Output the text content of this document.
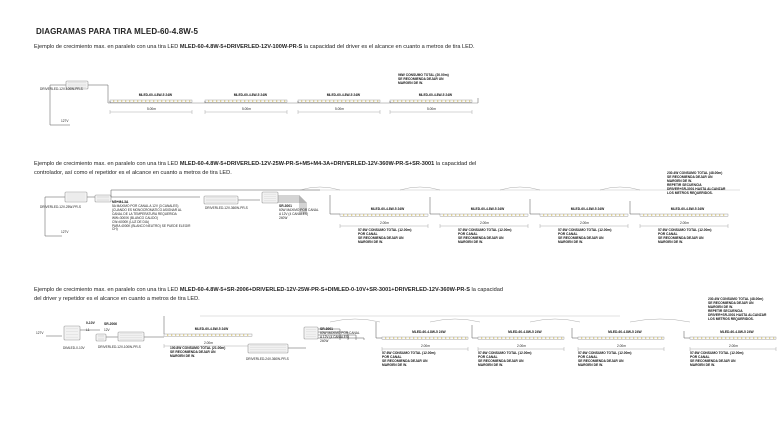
DIAGRAMAS PARA TIRA MLED-60-4.8W-5
Ejemplo de crecimiento max. en paralelo con una tira LED MLED-60-4.8W-5+DRIVERLED-12V-100W-PR-S la capacidad del driver es el alcance en cuanto a metros de tira LED.
Ejemplo de crecimiento max. en paralelo con una tira LED MLED-60-4.8W-5+DRIVERLED-12V-25W-PR-S+M5+M4-3A+DRIVERLED-12V-360W-PR-S+SR-3001 la capacidad del controlador, así como el repetidor es el alcance en cuanto a metros de tira LED.
Ejemplo de crecimiento max. en paralelo con una tira LED MLED-60-4.8W-5+SR-2006+DRIVERLED-12V-25W-PR-S+DIMLED-0-10V+SR-3001+DRIVERLED-12V-360W-PR-S la capacidad del driver y repetidor es el alcance en cuanto a metros de tira LED.
DRIVERLED-12V-100W-PR-S
127V
96W CONSUMO TOTAL (20.00m)
SE RECOMIENDA DEJAR UN
MARGEN DE W.
DRIVERLED-12V-25W-PR-S
127V
M5+M4-3A
5A MAXIMO POR CANAL A 12V (3 CANALES)
(CUANDO ES MONOCROMATICO ASIGNAR AL
CANAL DE LA TEMPERATURA REQUERIDA
WW=3000K (BLANCO CALIDO)
CW=6000K (LUZ DE DIA)
PARA 4000K (BLANCO NEUTRO) SE PUEDE ELEGIR
CH)
DRIVERLED-12V-360W-PR-S	SR-3001
60W MAXIMO POR CANAL
A 12V (4 CANALES)
240W
230.4W CONSUMO TOTAL (48.00m)
SE RECOMIENDA DEJAR UN
MARGEN DE W.
REPETIR SECUENCIA
DRIVER+SR-3001 HASTA ALCANZAR
LOS METROS REQUERIDOS.
127V
DIMLED-0-10V
0-10V
L1
SR-2006
12V
DRIVERLED-12V-100W-PR-S	100.8W CONSUMO TOTAL (21.00m)
SE RECOMIENDA DEJAR UN
MARGEN DE W.
DRIVERLED-24V-360W-PR-S
SR-3001
60W MAXIMO POR CANAL
A 12V (4 CANALES)
240W
230.4W CONSUMO TOTAL (48.00m)
SE RECOMIENDA DEJAR UN
MARGEN DE W.
REPETIR SECUENCIA
DRIVER+SR-3001 HASTA ALCANZAR
LOS METROS REQUERIDOS.
5.00m
MLED-60-4.8W-5 24W
5.00m
MLED-60-4.8W-5 24W
5.00m
MLED-60-4.8W-5 24W
5.00m
MLED-60-4.8W-5 24W
2.00m
MLED-60-4.8W-5 24W
57.6W CONSUMO TOTAL (12.00m)
POR CANAL
SE RECOMIENDA DEJAR UN
MARGEN DE W.
2.00m
MLED-60-4.8W-5 24W
57.6W CONSUMO TOTAL (12.00m)
POR CANAL
SE RECOMIENDA DEJAR UN
MARGEN DE W.
2.00m
MLED-60-4.8W-5 24W
57.6W CONSUMO TOTAL (12.00m)
POR CANAL
SE RECOMIENDA DEJAR UN
MARGEN DE W.
2.00m
MLED-60-4.8W-5 24W
57.6W CONSUMO TOTAL (12.00m)
POR CANAL
SE RECOMIENDA DEJAR UN
MARGEN DE W.
2.00m
MLED-60-4.8W-5 24W
2.00m
MLED-60-4.8W-5 24W
57.6W CONSUMO TOTAL (12.00m)
POR CANAL
SE RECOMIENDA DEJAR UN
MARGEN DE W.
2.00m
MLED-60-4.8W-5 24W
57.6W CONSUMO TOTAL (12.00m)
POR CANAL
SE RECOMIENDA DEJAR UN
MARGEN DE W.
2.00m
MLED-60-4.8W-5 24W
57.6W CONSUMO TOTAL (12.00m)
POR CANAL
SE RECOMIENDA DEJAR UN
MARGEN DE W.
2.00m
MLED-60-4.8W-5 24W
57.6W CONSUMO TOTAL (12.00m)
POR CANAL
SE RECOMIENDA DEJAR UN
MARGEN DE W.
